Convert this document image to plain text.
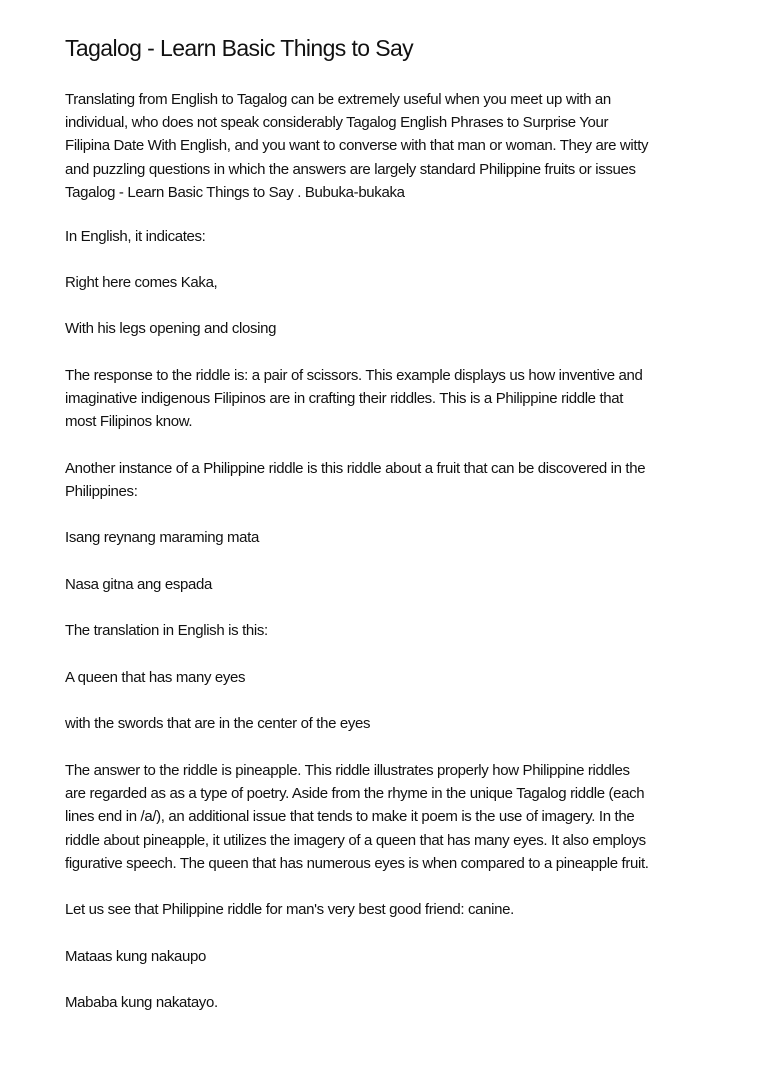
Tagalog - Learn Basic Things to Say

Translating from English to Tagalog can be extremely useful when you meet up with an
individual, who does not speak considerably Tagalog English Phrases to Surprise Your
Filipina Date With English, and you want to converse with that man or woman. They are witty
and puzzling questions in which the answers are largely standard Philippine fruits or issues
Tagalog - Learn Basic Things to Say . Bubuka-bukaka

In English, it indicates:

Right here comes Kaka,

With his legs opening and closing

The response to the riddle is: a pair of scissors. This example displays us how inventive and
imaginative indigenous Filipinos are in crafting their riddles. This is a Philippine riddle that
most Filipinos know.

Another instance of a Philippine riddle is this riddle about a fruit that can be discovered in the
Philippines:

Isang reynang maraming mata

Nasa gitna ang espada

The translation in English is this:

A queen that has many eyes

with the swords that are in the center of the eyes

The answer to the riddle is pineapple. This riddle illustrates properly how Philippine riddles
are regarded as as a type of poetry. Aside from the rhyme in the unique Tagalog riddle (each
lines end in /a/), an additional issue that tends to make it poem is the use of imagery. In the
riddle about pineapple, it utilizes the imagery of a queen that has many eyes. It also employs
figurative speech. The queen that has numerous eyes is when compared to a pineapple fruit.

Let us see that Philippine riddle for man's very best good friend: canine.

Mataas kung nakaupo

Mababa kung nakatayo.
